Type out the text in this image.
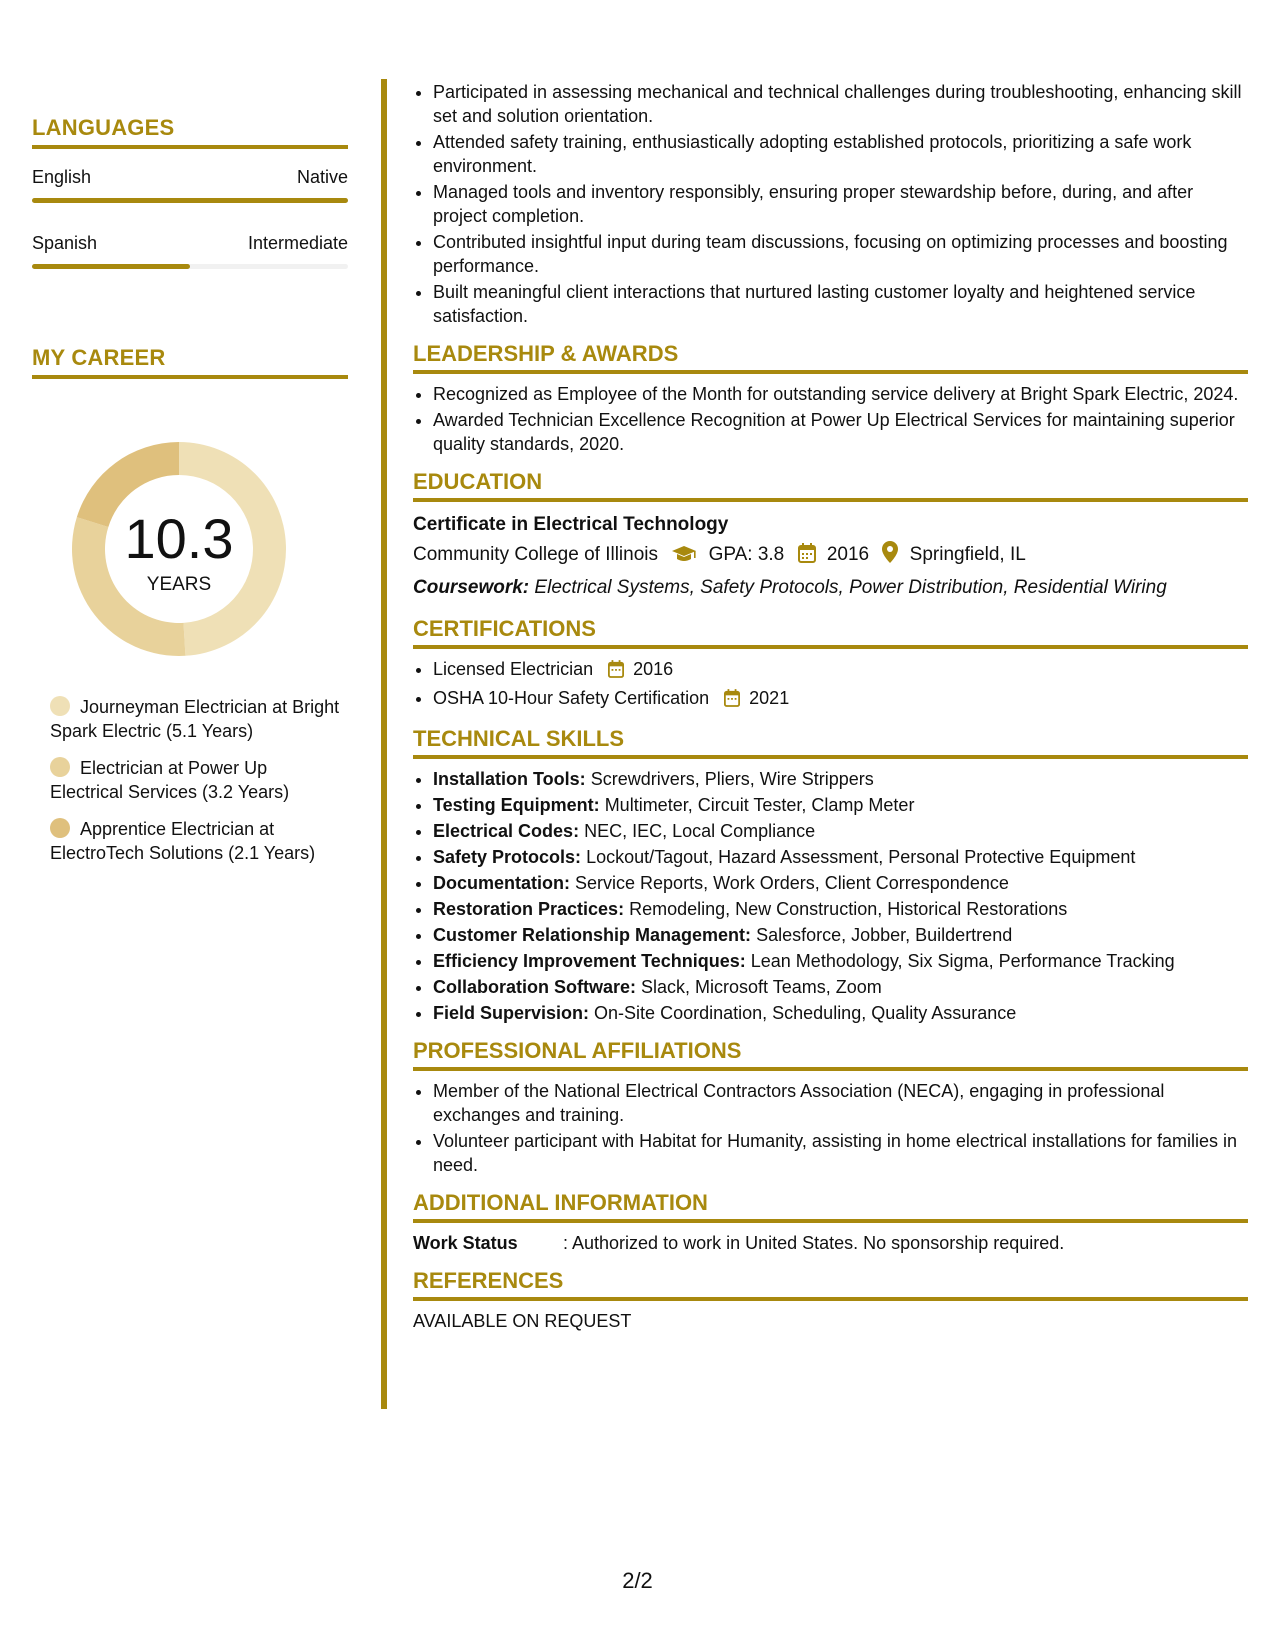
LANGUAGES
English	Native
Spanish	Intermediate
MY CAREER
10.3
YEARS
Journeyman Electrician at Bright Spark Electric (5.1 Years)
Electrician at Power Up Electrical Services (3.2 Years)
Apprentice Electrician at ElectroTech Solutions (2.1 Years)
• Participated in assessing mechanical and technical challenges during troubleshooting, enhancing skill set and solution orientation.
• Attended safety training, enthusiastically adopting established protocols, prioritizing a safe work environment.
• Managed tools and inventory responsibly, ensuring proper stewardship before, during, and after project completion.
• Contributed insightful input during team discussions, focusing on optimizing processes and boosting performance.
• Built meaningful client interactions that nurtured lasting customer loyalty and heightened service satisfaction.
LEADERSHIP & AWARDS
• Recognized as Employee of the Month for outstanding service delivery at Bright Spark Electric, 2024.
• Awarded Technician Excellence Recognition at Power Up Electrical Services for maintaining superior quality standards, 2020.
EDUCATION
Certificate in Electrical Technology
Community College of Illinois	GPA: 3.8 2016 Springfield, IL
Coursework: Electrical Systems, Safety Protocols, Power Distribution, Residential Wiring
CERTIFICATIONS
• Licensed Electrician 2016
• OSHA 10-Hour Safety Certification 2021
TECHNICAL SKILLS
• Installation Tools: Screwdrivers, Pliers, Wire Strippers
• Testing Equipment: Multimeter, Circuit Tester, Clamp Meter
• Electrical Codes: NEC, IEC, Local Compliance
• Safety Protocols: Lockout/Tagout, Hazard Assessment, Personal Protective Equipment
• Documentation: Service Reports, Work Orders, Client Correspondence
• Restoration Practices: Remodeling, New Construction, Historical Restorations
• Customer Relationship Management: Salesforce, Jobber, Buildertrend
• Efficiency Improvement Techniques: Lean Methodology, Six Sigma, Performance Tracking
• Collaboration Software: Slack, Microsoft Teams, Zoom
• Field Supervision: On-Site Coordination, Scheduling, Quality Assurance
PROFESSIONAL AFFILIATIONS
• Member of the National Electrical Contractors Association (NECA), engaging in professional exchanges and training.
• Volunteer participant with Habitat for Humanity, assisting in home electrical installations for families in need.
ADDITIONAL INFORMATION
Work Status	: Authorized to work in United States. No sponsorship required.
REFERENCES
AVAILABLE ON REQUEST
2/2
